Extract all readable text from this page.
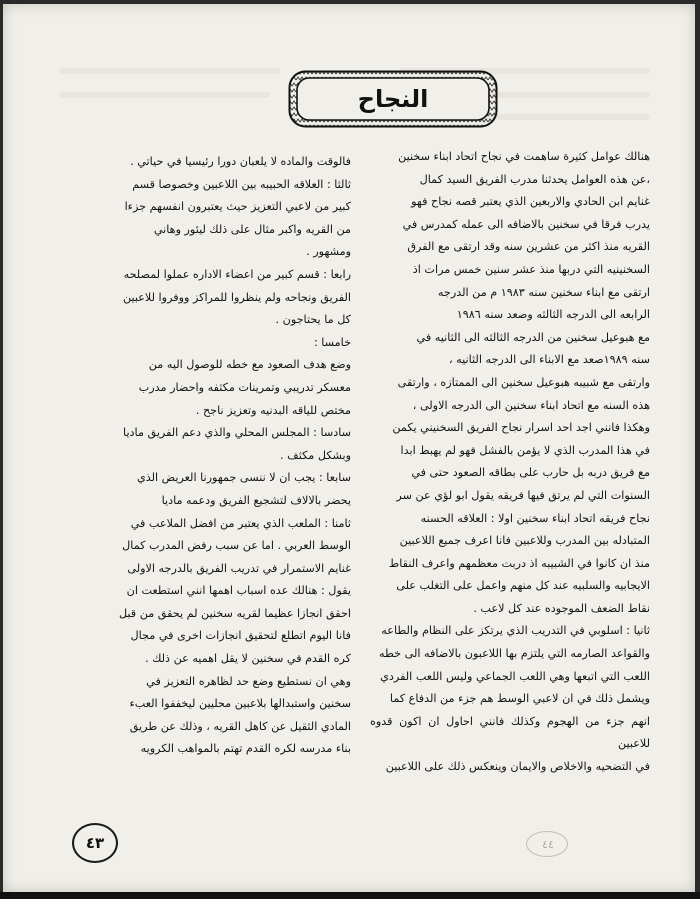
النجاح

هنالك عوامل كثيرة ساهمت في نجاح اتحاد ابناء سخنين

،عن هذه العوامل يحدثنا مدرب الفريق السيد كمال

غنايم ابن الحادي والاربعين الذي يعتبر قصه نجاح فهو

يدرب فرقا في سخنين بالاضافه الى عمله كمدرس في

القريه منذ اكثر من عشرين سنه وقد ارتقى مع الفرق

السخنينيه التي دربها منذ عشر سنين خمس مرات اذ

ارتقى مع ابناء سخنين سنه ١٩٨٣ م من الدرجه

الرابعه الى الدرجه الثالثه وصعد سنه ١٩٨٦

مع هبوعيل سخنين من الدرجه الثالثه الى الثانيه في

سنه ١٩٨٩صعد مع الابناء الى الدرجه الثانيه ،

وارتقى مع شبيبه هبوعيل سخنين الى الممتازه ، وارتقى

هذه السنه مع اتحاد ابناء سخنين الى الدرجه الاولى ،

وهكذا فانني اجد احد اسرار نجاح الفريق السخنيني يكمن

في هذا المدرب الذي لا يؤمن بالفشل فهو لم يهبط ابدا

مع فريق دربه بل حارب على بطاقه الصعود حتى في

السنوات التي لم يرتق فيها فريقه يقول ابو لؤي عن سر

نجاح فريقه اتحاد ابناء سخنين اولا : العلاقه الحسنه

المتبادله بين المدرب وللاعبين فانا اعرف جميع اللاعبين

منذ ان كانوا في الشبيبه اذ دربت معظمهم واعرف النقاط

الايجابيه والسلبيه عند كل منهم واعمل على التغلب على

نقاط الضعف الموجوده عند كل لاعب .

ثانيا : اسلوبي في التدريب الذي يرتكز على النظام والطاعه

والقواعد الصارمه التي يلتزم بها اللاعبون بالاضافه الى خطه

اللعب التي اتبعها وهي اللعب الجماعي وليس اللعب الفردي

ويشمل ذلك في ان لاعبي الوسط هم جزء من الدفاع كما

انهم جزء من الهجوم وكذلك فانني احاول ان اكون قدوه للاعبين

في التضحيه والاخلاص والايمان وينعكس ذلك على اللاعبين

فالوقت والماده لا يلعبان دورا رئيسيا في حياتي .

ثالثا : العلاقه الحبيبه بين اللاعبين وخصوصا قسم

كبير من لاعبي التعزيز حيث يعتبرون انفسهم جزءا

من القريه واكبر مثال على ذلك ليئور وهاني

ومشهور .

رابعا : قسم كبير من اعضاء الاداره عملوا لمصلحه

الفريق ونجاحه ولم ينظروا للمراكز ووفروا للاعبين

كل ما يحتاجون .

خامسا :

وضع هدف الصعود مع خطه للوصول اليه من

معسكر تدريبي وتمرينات مكثفه واحضار مدرب

مختص للياقه البدنيه وتعزيز ناجح .

سادسا : المجلس المحلي والذي دعم الفريق ماديا

وبشكل مكثف .

سابعا : يجب ان لا ننسى جمهورنا العريض الذي

يحضر بالالاف لتشجيع الفريق ودعمه ماديا

ثامنا : الملعب الذي يعتبر من افضل الملاعب في

الوسط العربي . اما عن سبب رفض المدرب كمال

غنايم الاستمرار في تدريب الفريق بالدرجه الاولى

يقول : هنالك عده اسباب اهمها انني استطعت ان

احقق انجازا عظيما لقريه سخنين لم يحقق من قبل

فانا اليوم اتطلع لتحقيق انجازات اخرى في مجال

كره القدم في سخنين لا يقل اهميه عن ذلك .

وهي ان نستطيع وضع حد لظاهره التعزيز في

سخنين واستبدالها بلاعبين محليين ليخففوا العبء

المادي الثقيل عن كاهل القريه ، وذلك عن طريق

بناء مدرسه لكره القدم تهتم بالمواهب الكرويه

٤٣	٤٤
